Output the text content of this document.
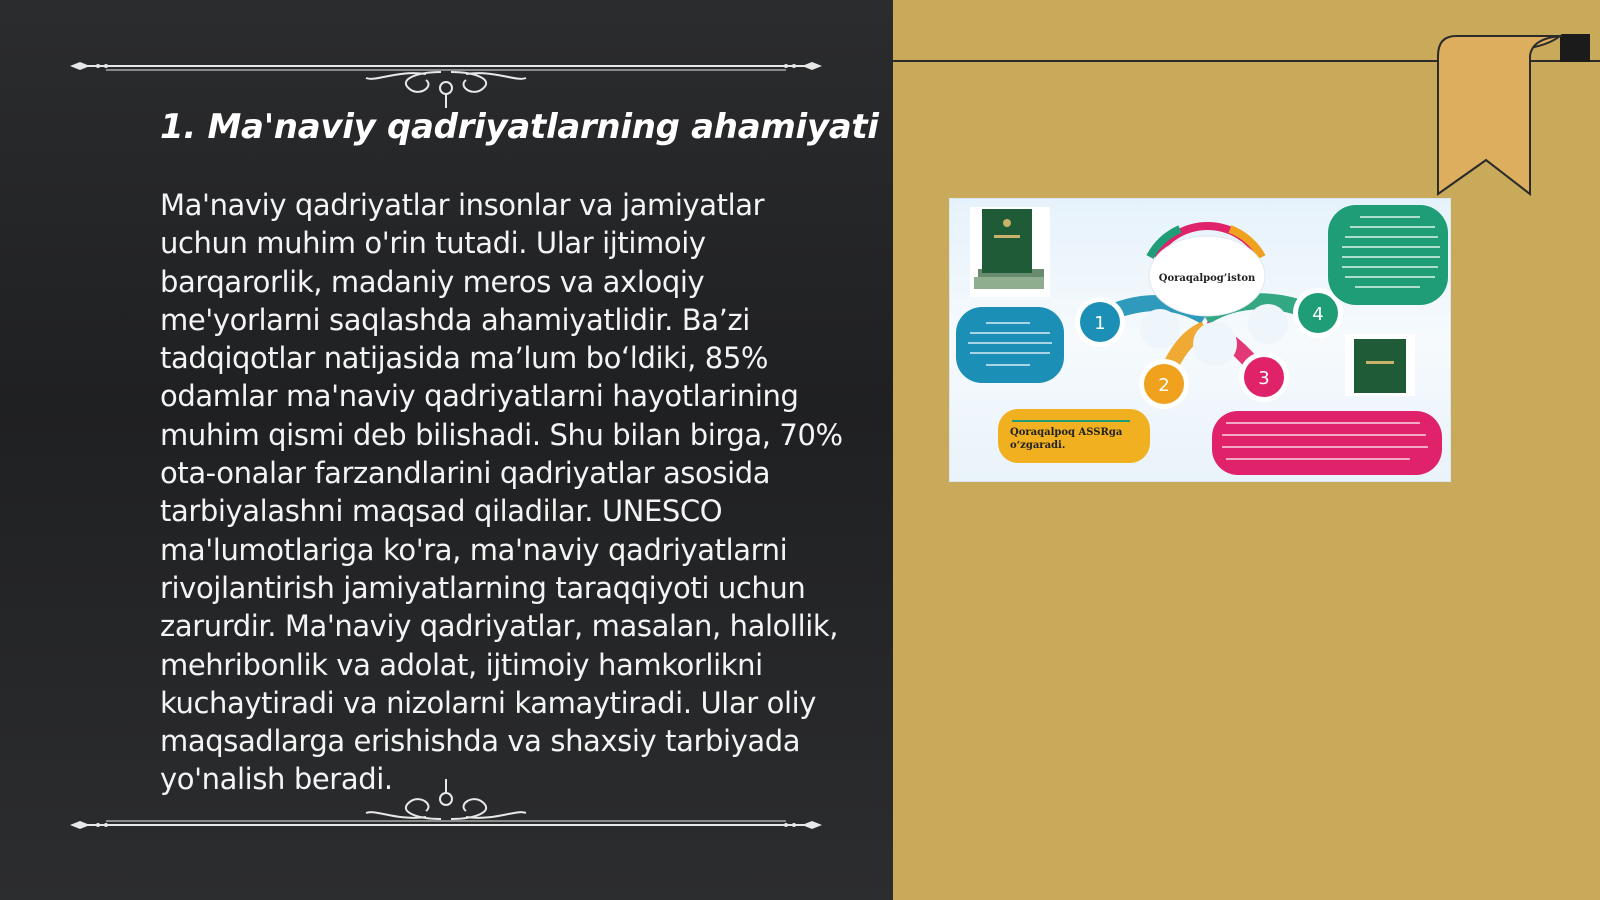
1. Ma'naviy qadriyatlarning ahamiyati

Ma'naviy qadriyatlar insonlar va jamiyatlar uchun muhim o'rin tutadi. Ular ijtimoiy barqarorlik, madaniy meros va axloqiy me'yorlarni saqlashda ahamiyatlidir. Ba’zi tadqiqotlar natijasida ma’lum bo‘ldiki, 85% odamlar ma'naviy qadriyatlarni hayotlarining muhim qismi deb bilishadi. Shu bilan birga, 70% ota-onalar farzandlarini qadriyatlar asosida tarbiyalashni maqsad qiladilar. UNESCO ma'lumotlariga ko'ra, ma'naviy qadriyatlarni rivojlantirish jamiyatlarning taraqqiyoti uchun zarurdir. Ma'naviy qadriyatlar, masalan, halollik, mehribonlik va adolat, ijtimoiy hamkorlikni kuchaytiradi va nizolarni kamaytiradi. Ular oliy maqsadlarga erishishda va shaxsiy tarbiyada yo'nalish beradi.

Qoraqalpog’iston
1
2	3
4
Qoraqalpoq ASSRga o‘zgaradi.
